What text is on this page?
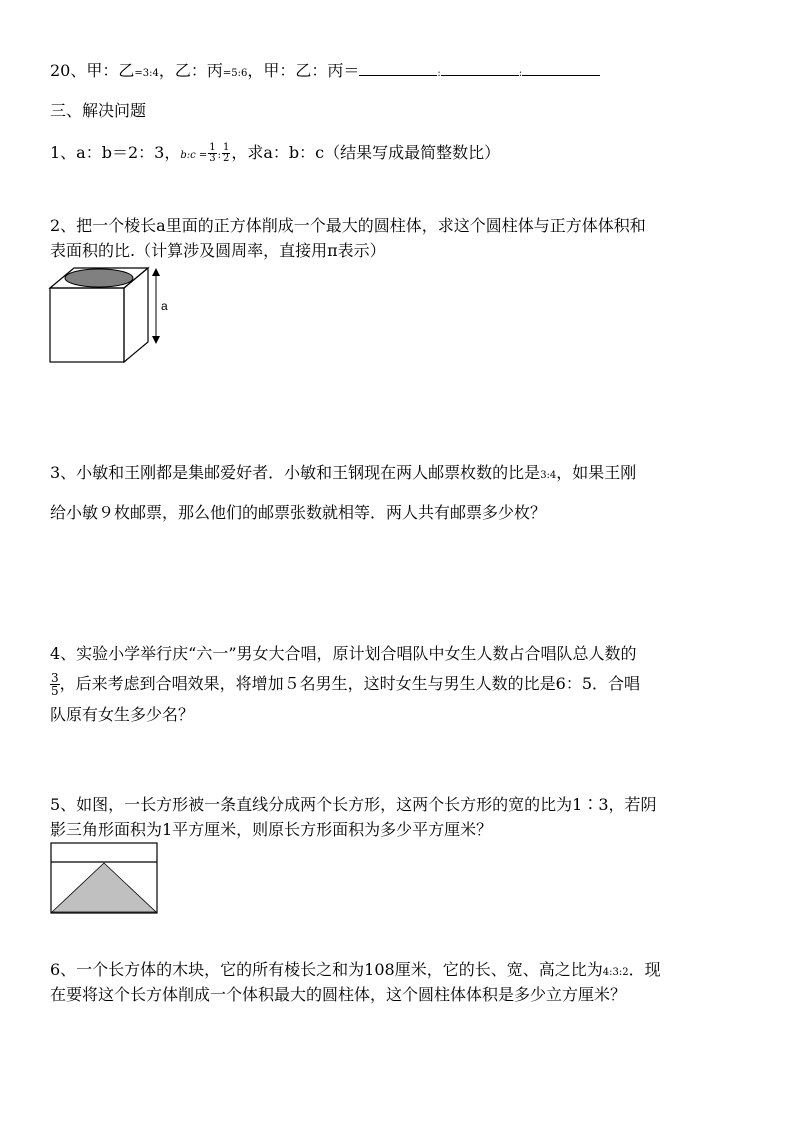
20、甲：乙=3:4，乙：丙=5:6，甲：乙：丙＝	:	:
三、解决问题
1、a：b＝2：3，b:c = $\frac{1}{3}$ : $\frac{1}{2}$ ，求a：b：c（结果写成最简整数比）
2、把一个棱长a里面的正方体削成一个最大的圆柱体，求这个圆柱体与正方体体积和
表面积的比.（计算涉及圆周率，直接用π表示）
a
3、小敏和王刚都是集邮爱好者．小敏和王钢现在两人邮票枚数的比是3:4，如果王刚
给小敏９枚邮票，那么他们的邮票张数就相等．两人共有邮票多少枚？
4、实验小学举行庆“六一”男女大合唱，原计划合唱队中女生人数占合唱队总人数的
$\frac{3}{5}$ ，后来考虑到合唱效果，将增加５名男生，这时女生与男生人数的比是6：5．合唱
队原有女生多少名？
5、如图，一长方形被一条直线分成两个长方形，这两个长方形的宽的比为1∶3，若阴
影三角形面积为1平方厘米，则原长方形面积为多少平方厘米？
6、一个长方体的木块，它的所有棱长之和为108厘米，它的长、宽、高之比为4:3:2．现
在要将这个长方体削成一个体积最大的圆柱体，这个圆柱体体积是多少立方厘米？
